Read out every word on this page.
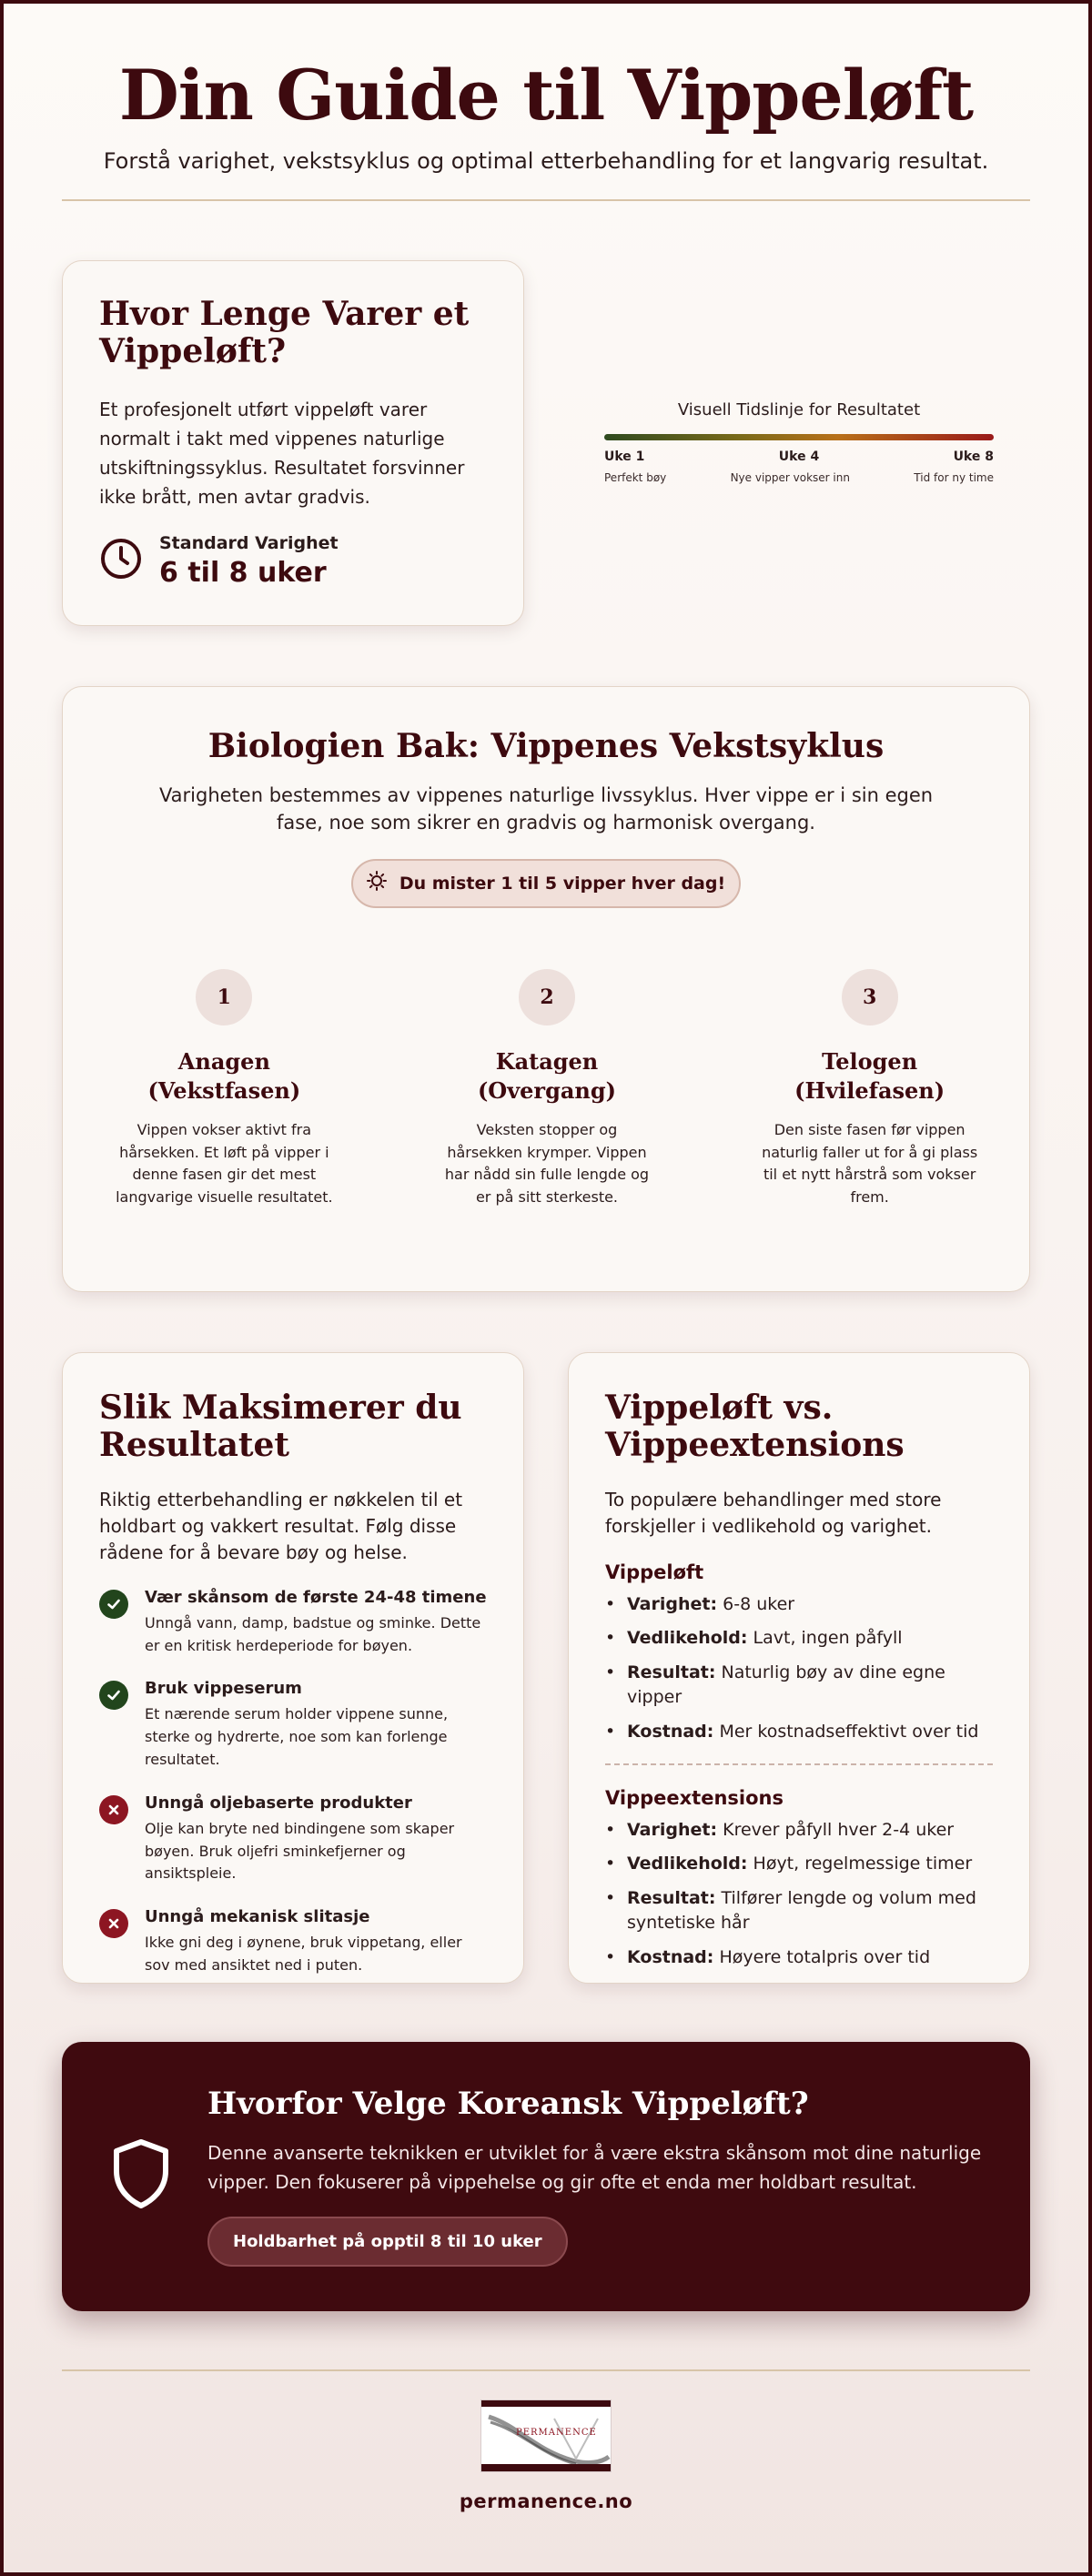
Din Guide til Vippeløft

Forstå varighet, vekstsyklus og optimal etterbehandling for et langvarig resultat.

Hvor Lenge Varer et Vippeløft?

Et profesjonelt utført vippeløft varer normalt i takt med vippenes naturlige utskiftningssyklus. Resultatet forsvinner ikke brått, men avtar gradvis.

Standard Varighet
6 til 8 uker
Visuell Tidslinje for Resultatet
Uke 1	Uke 4	Uke 8
Perfekt bøy	Nye vipper vokser inn	Tid for ny time
Biologien Bak: Vippenes Vekstsyklus

Varigheten bestemmes av vippenes naturlige livssyklus. Hver vippe er i sin egen fase, noe som sikrer en gradvis og harmonisk overgang.

Du mister 1 til 5 vipper hver dag!
1
Anagen (Vekstfasen)

Vippen vokser aktivt fra hårsekken. Et løft på vipper i denne fasen gir det mest langvarige visuelle resultatet.

2
Katagen (Overgang)

Veksten stopper og hårsekken krymper. Vippen har nådd sin fulle lengde og er på sitt sterkeste.

3
Telogen (Hvilefasen)

Den siste fasen før vippen naturlig faller ut for å gi plass til et nytt hårstrå som vokser frem.

Slik Maksimerer du Resultatet

Riktig etterbehandling er nøkkelen til et holdbart og vakkert resultat. Følg disse rådene for å bevare bøy og helse.

Vær skånsom de første 24-48 timene
Unngå vann, damp, badstue og sminke. Dette er en kritisk herdeperiode for bøyen.
Bruk vippeserum
Et nærende serum holder vippene sunne, sterke og hydrerte, noe som kan forlenge resultatet.
Unngå oljebaserte produkter
Olje kan bryte ned bindingene som skaper bøyen. Bruk oljefri sminkefjerner og ansiktspleie.
Unngå mekanisk slitasje
Ikke gni deg i øynene, bruk vippetang, eller sov med ansiktet ned i puten.
Vippeløft vs. Vippeextensions

To populære behandlinger med store forskjeller i vedlikehold og varighet.

Vippeløft
• Varighet: 6-8 uker
• Vedlikehold: Lavt, ingen påfyll
• Resultat: Naturlig bøy av dine egne vipper
• Kostnad: Mer kostnadseffektivt over tid
Vippeextensions
• Varighet: Krever påfyll hver 2-4 uker
• Vedlikehold: Høyt, regelmessige timer
• Resultat: Tilfører lengde og volum med syntetiske hår
• Kostnad: Høyere totalpris over tid
Hvorfor Velge Koreansk Vippeløft?

Denne avanserte teknikken er utviklet for å være ekstra skånsom mot dine naturlige vipper. Den fokuserer på vippehelse og gir ofte et enda mer holdbart resultat.

Holdbarhet på opptil 8 til 10 uker
PERMANENCE
permanence.no
